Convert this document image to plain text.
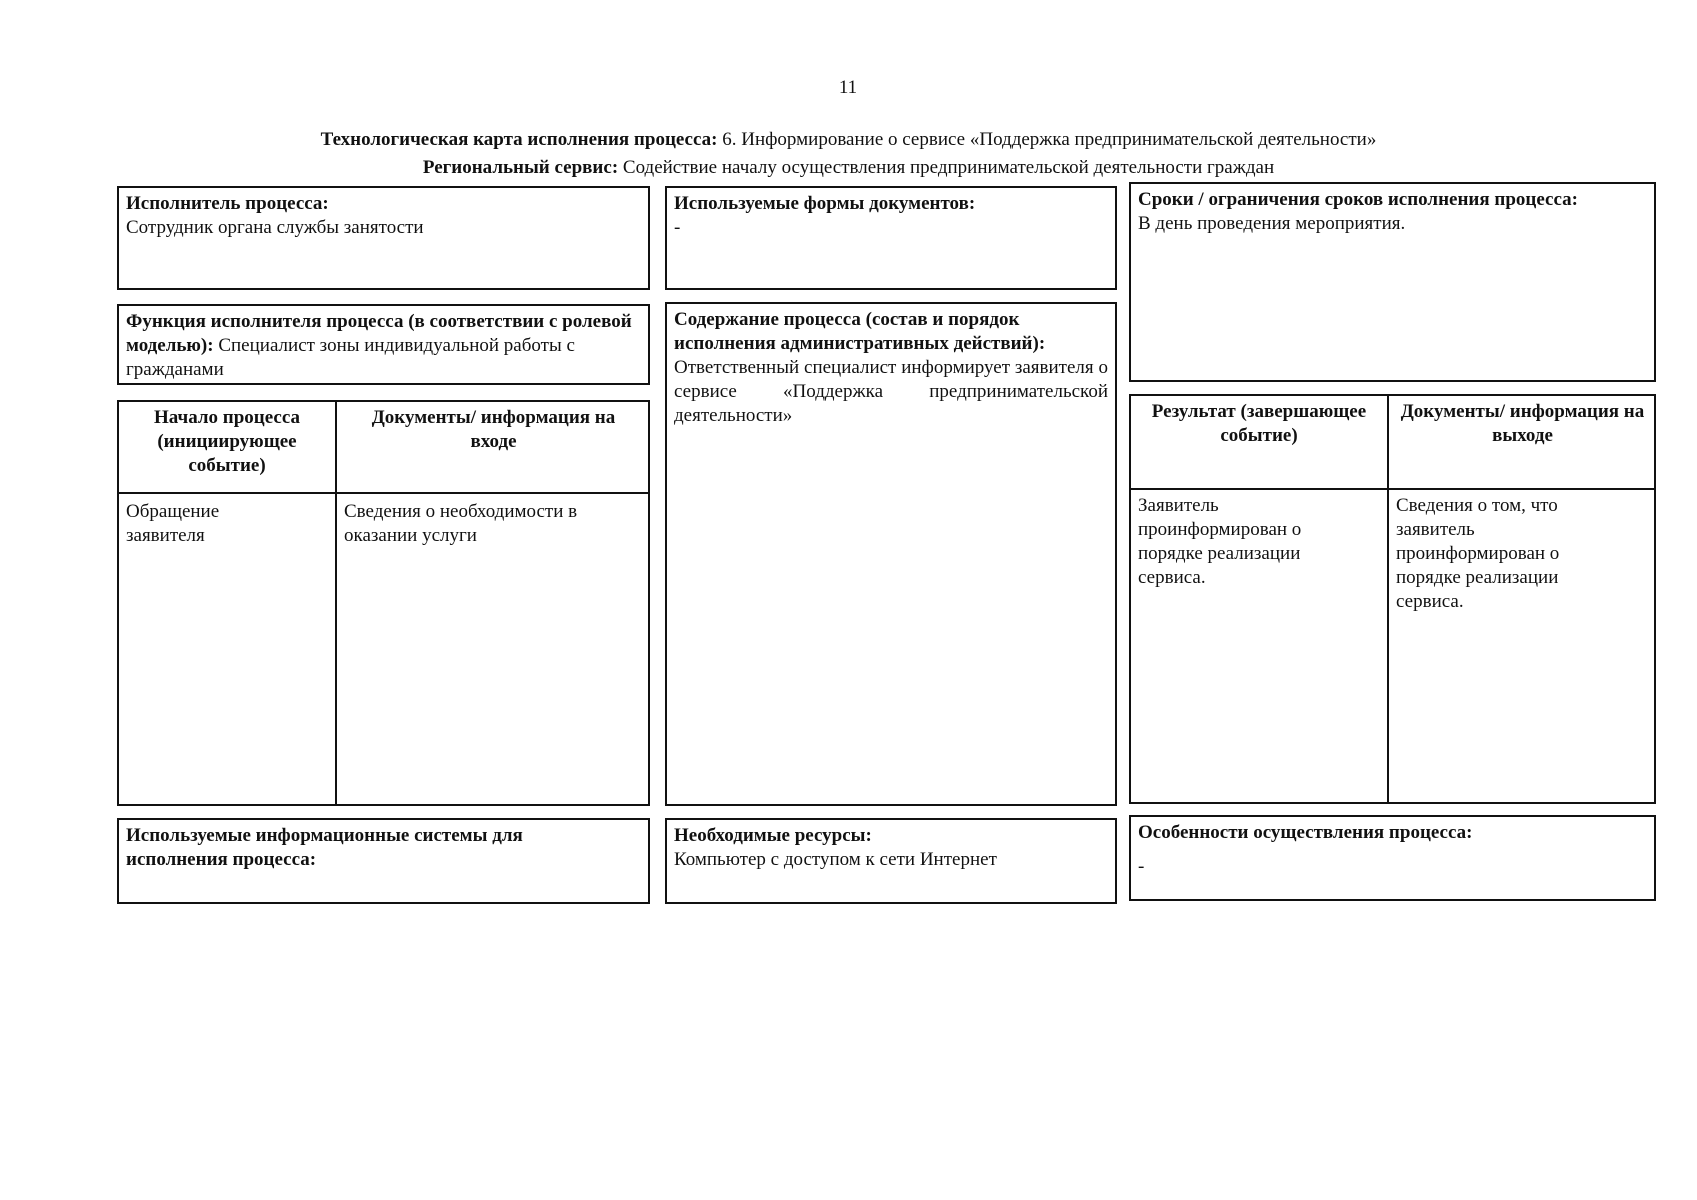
11
Технологическая карта исполнения процесса: 6. Информирование о сервисе «Поддержка предпринимательской деятельности»
Региональный сервис: Содействие началу осуществления предпринимательской деятельности граждан
Исполнитель процесса:
Сотрудник органа службы занятости
Используемые формы документов:
-
Сроки / ограничения сроков исполнения процесса:
В день проведения мероприятия.
Функция исполнителя процесса (в соответствии с ролевой моделью): Специалист зоны индивидуальной работы с гражданами
Содержание процесса (состав и порядок исполнения административных действий):
Ответственный специалист информирует заявителя о сервисе «Поддержка предпринимательской деятельности»
Начало процесса (инициирующее событие)
Документы/ информация на входе
Обращение заявителя
Сведения о необходимости в оказании услуги
Результат (завершающее событие)
Документы/ информация на выходе
Заявитель проинформирован о порядке реализации сервиса.
Сведения о том, что заявитель проинформирован о порядке реализации сервиса.
Используемые информационные системы для исполнения процесса:
Необходимые ресурсы:
Компьютер с доступом к сети Интернет
Особенности осуществления процесса:
-
